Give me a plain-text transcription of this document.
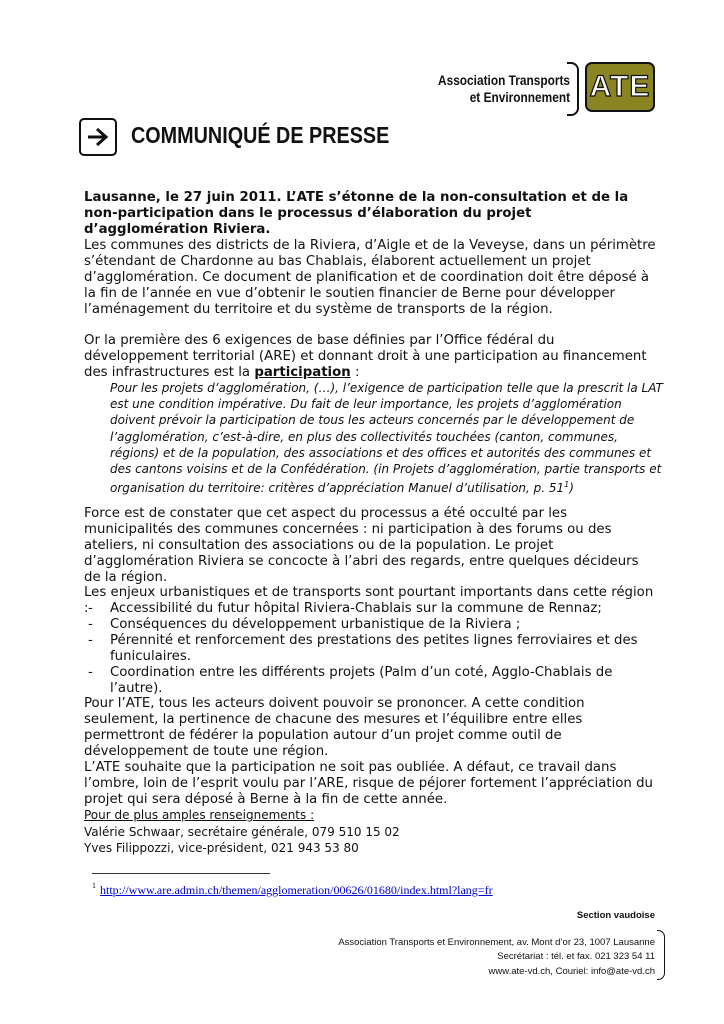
Association Transports
et Environnement ATE
COMMUNIQUÉ DE PRESSE
Lausanne, le 27 juin 2011. L’ATE s’étonne de la non-consultation et de la non-participation dans le processus d’élaboration du projet d’agglomération Riviera.
Les communes des districts de la Riviera, d’Aigle et de la Veveyse, dans un périmètre s’étendant de Chardonne au bas Chablais, élaborent actuellement un projet d’agglomération. Ce document de planification et de coordination doit être déposé à la fin de l’année en vue d’obtenir le soutien financier de Berne pour développer l’aménagement du territoire et du système de transports de la région.
Or la première des 6 exigences de base définies par l’Office fédéral du développement territorial (ARE) et donnant droit à une participation au financement des infrastructures est la participation :
Pour les projets d’agglomération, (…), l’exigence de participation telle que la prescrit la LAT est une condition impérative. Du fait de leur importance, les projets d’agglomération doivent prévoir la participation de tous les acteurs concernés par le développement de l’agglomération, c’est-à-dire, en plus des collectivités touchées (canton, communes, régions) et de la population, des associations et des offices et autorités des communes et des cantons voisins et de la Confédération. (in Projets d’agglomération, partie transports et organisation du territoire: critères d’appréciation Manuel d’utilisation, p. $51^1$)
Force est de constater que cet aspect du processus a été occulté par les municipalités des communes concernées : ni participation à des forums ou des ateliers, ni consultation des associations ou de la population. Le projet d’agglomération Riviera se concocte à l’abri des regards, entre quelques décideurs de la région.
Les enjeux urbanistiques et de transports sont pourtant importants dans cette région : -	Accessibilité du futur hôpital Riviera-Chablais sur la commune de Rennaz;
-	Conséquences du développement urbanistique de la Riviera ;
-	Pérennité et renforcement des prestations des petites lignes ferroviaires et des funiculaires.
-	Coordination entre les différents projets (Palm d’un coté, Agglo-Chablais de l’autre).
Pour l’ATE, tous les acteurs doivent pouvoir se prononcer. A cette condition seulement, la pertinence de chacune des mesures et l’équilibre entre elles permettront de fédérer la population autour d’un projet comme outil de développement de toute une région.
L’ATE souhaite que la participation ne soit pas oubliée. A défaut, ce travail dans l’ombre, loin de l’esprit voulu par l’ARE, risque de péjorer fortement l’appréciation du projet qui sera déposé à Berne à la fin de cette année.
Pour de plus amples renseignements :
Valérie Schwaar, secrétaire générale, 079 510 15 02
Yves Filippozzi, vice-président, 021 943 53 80
$^1$ http://www.are.admin.ch/themen/agglomeration/00626/01680/index.html?lang=fr
Section vaudoise
Association Transports et Environnement, av. Mont d’or 23, 1007 Lausanne
Secrétariat : tél. et fax. 021 323 54 11
www.ate-vd.ch, Couriel: info@ate-vd.ch
